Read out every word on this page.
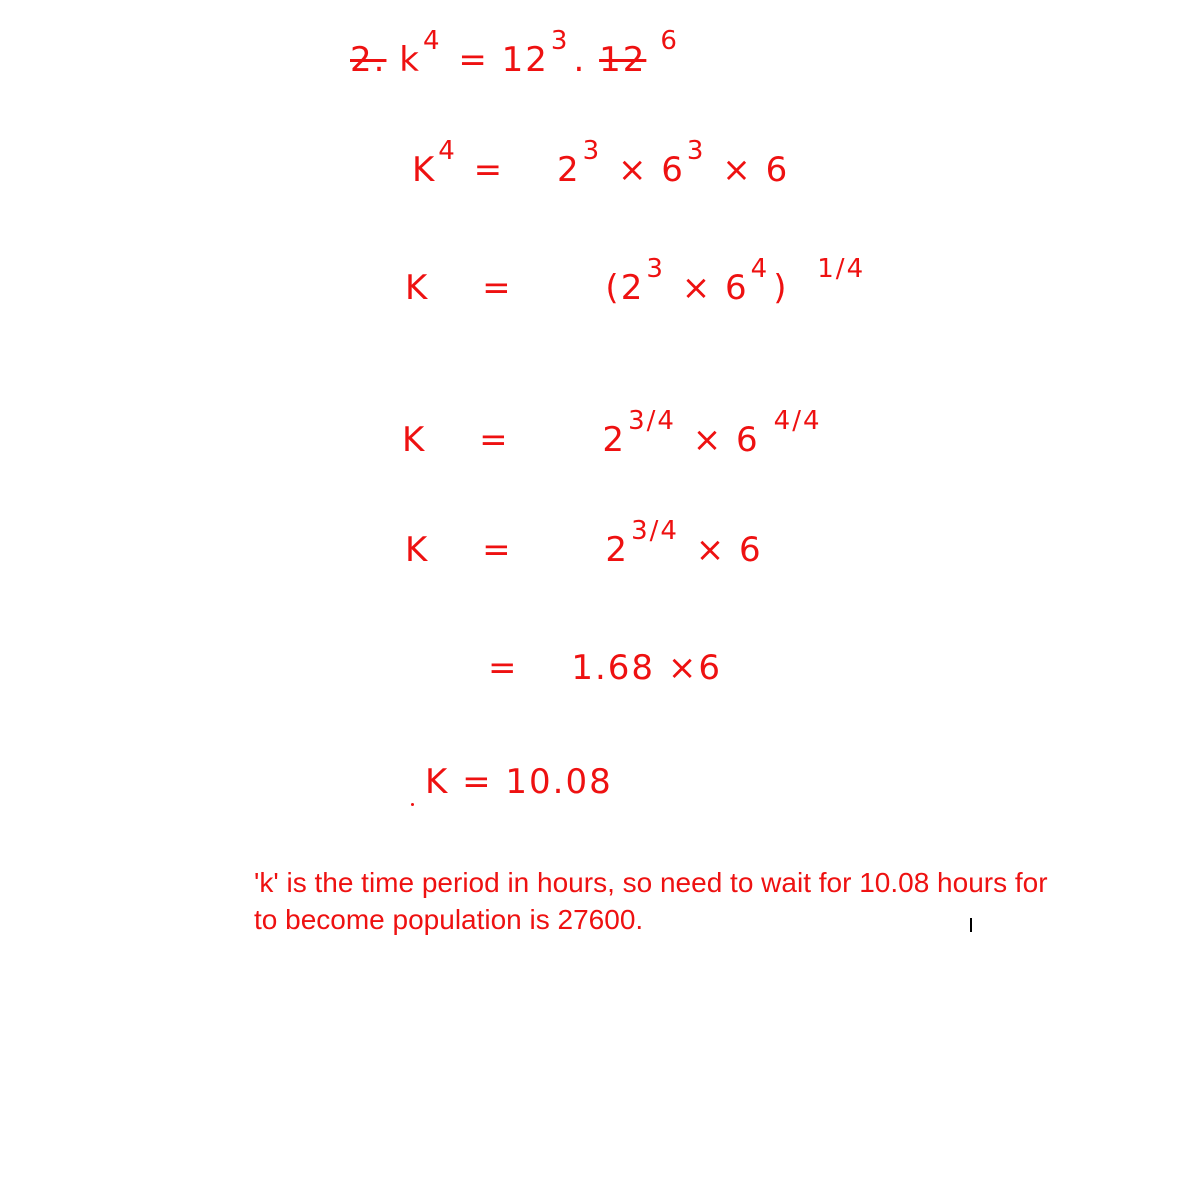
2. $k^4 = 12^3$ . 12 $^6$
$K^4 = 2^3 \times 6^3 \times 6$
K =	($2^3 \times 6^4$ ) $^{1/4}$
K =	$2^{3/4} \times 6$ $^{4/4}$
K =	$2^{3/4} \times 6$
= 1.68 ×6
K = 10.08

'k' is the time period in hours, so need to wait for 10.08 hours for

to become population is 27600.
